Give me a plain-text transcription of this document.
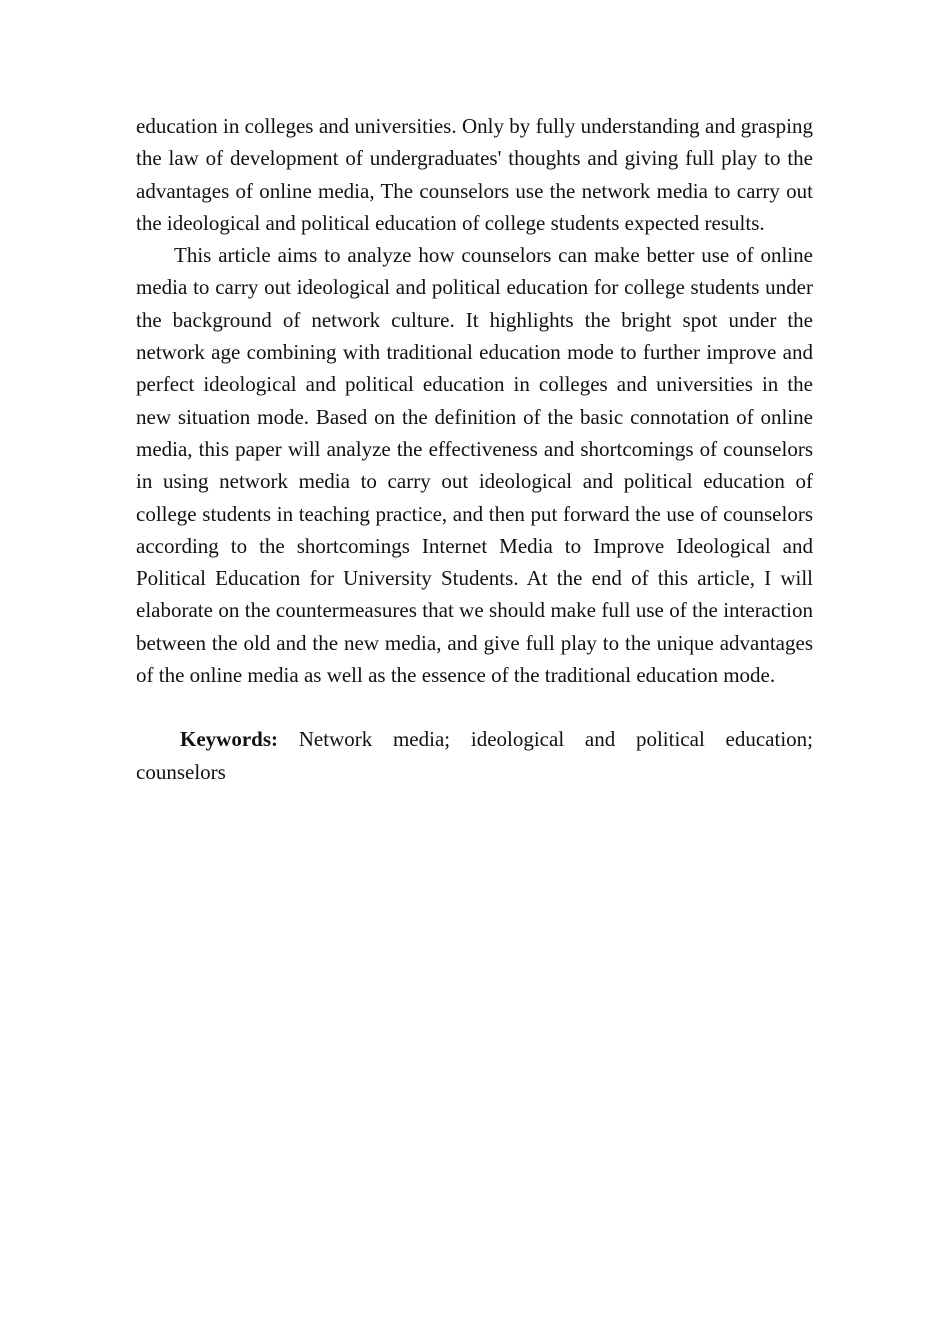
education in colleges and universities. Only by fully understanding and grasping the law of development of undergraduates' thoughts and giving full play to the advantages of online media, The counselors use the network media to carry out the ideological and political education of college students expected results.

This article aims to analyze how counselors can make better use of online media to carry out ideological and political education for college students under the background of network culture. It highlights the bright spot under the network age combining with traditional education mode to further improve and perfect ideological and political education in colleges and universities in the new situation mode. Based on the definition of the basic connotation of online media, this paper will analyze the effectiveness and shortcomings of counselors in using network media to carry out ideological and political education of college students in teaching practice, and then put forward the use of counselors according to the shortcomings Internet Media to Improve Ideological and Political Education for University Students. At the end of this article, I will elaborate on the countermeasures that we should make full use of the interaction between the old and the new media, and give full play to the unique advantages of the online media as well as the essence of the traditional education mode.

Keywords: Network media; ideological and political education; counselors
